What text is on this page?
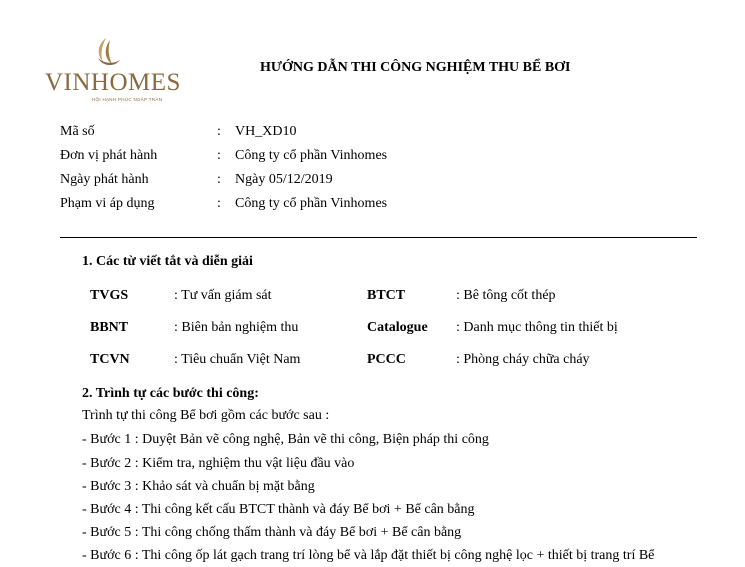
VINHOMES
HỘI HẠNH PHÚC NGẬP TRÀN
HƯỚNG DẪN THI CÔNG NGHIỆM THU BỂ BƠI
Mã số	: VH_XD10
Đơn vị phát hành	: Công ty cổ phần Vinhomes
Ngày phát hành	: Ngày 05/12/2019
Phạm vi áp dụng	: Công ty cổ phần Vinhomes
1. Các từ viết tắt và diễn giải
TVGS	: Tư vấn giám sát	BTCT	: Bê tông cốt thép
BBNT	: Biên bản nghiệm thu	Catalogue : Danh mục thông tin thiết bị
TCVN	: Tiêu chuẩn Việt Nam	PCCC	: Phòng cháy chữa cháy
2. Trình tự các bước thi công:
Trình tự thi công Bể bơi gồm các bước sau :
- Bước 1 : Duyệt Bản vẽ công nghệ, Bản vẽ thi công, Biện pháp thi công
- Bước 2 : Kiểm tra, nghiệm thu vật liệu đầu vào
- Bước 3 : Khảo sát và chuẩn bị mặt bằng
- Bước 4 : Thi công kết cấu BTCT thành và đáy Bể bơi + Bể cân bằng
- Bước 5 : Thi công chống thấm thành và đáy Bể bơi + Bể cân bằng
- Bước 6 : Thi công ốp lát gạch trang trí lòng bể và lắp đặt thiết bị công nghệ lọc + thiết bị trang trí Bể
